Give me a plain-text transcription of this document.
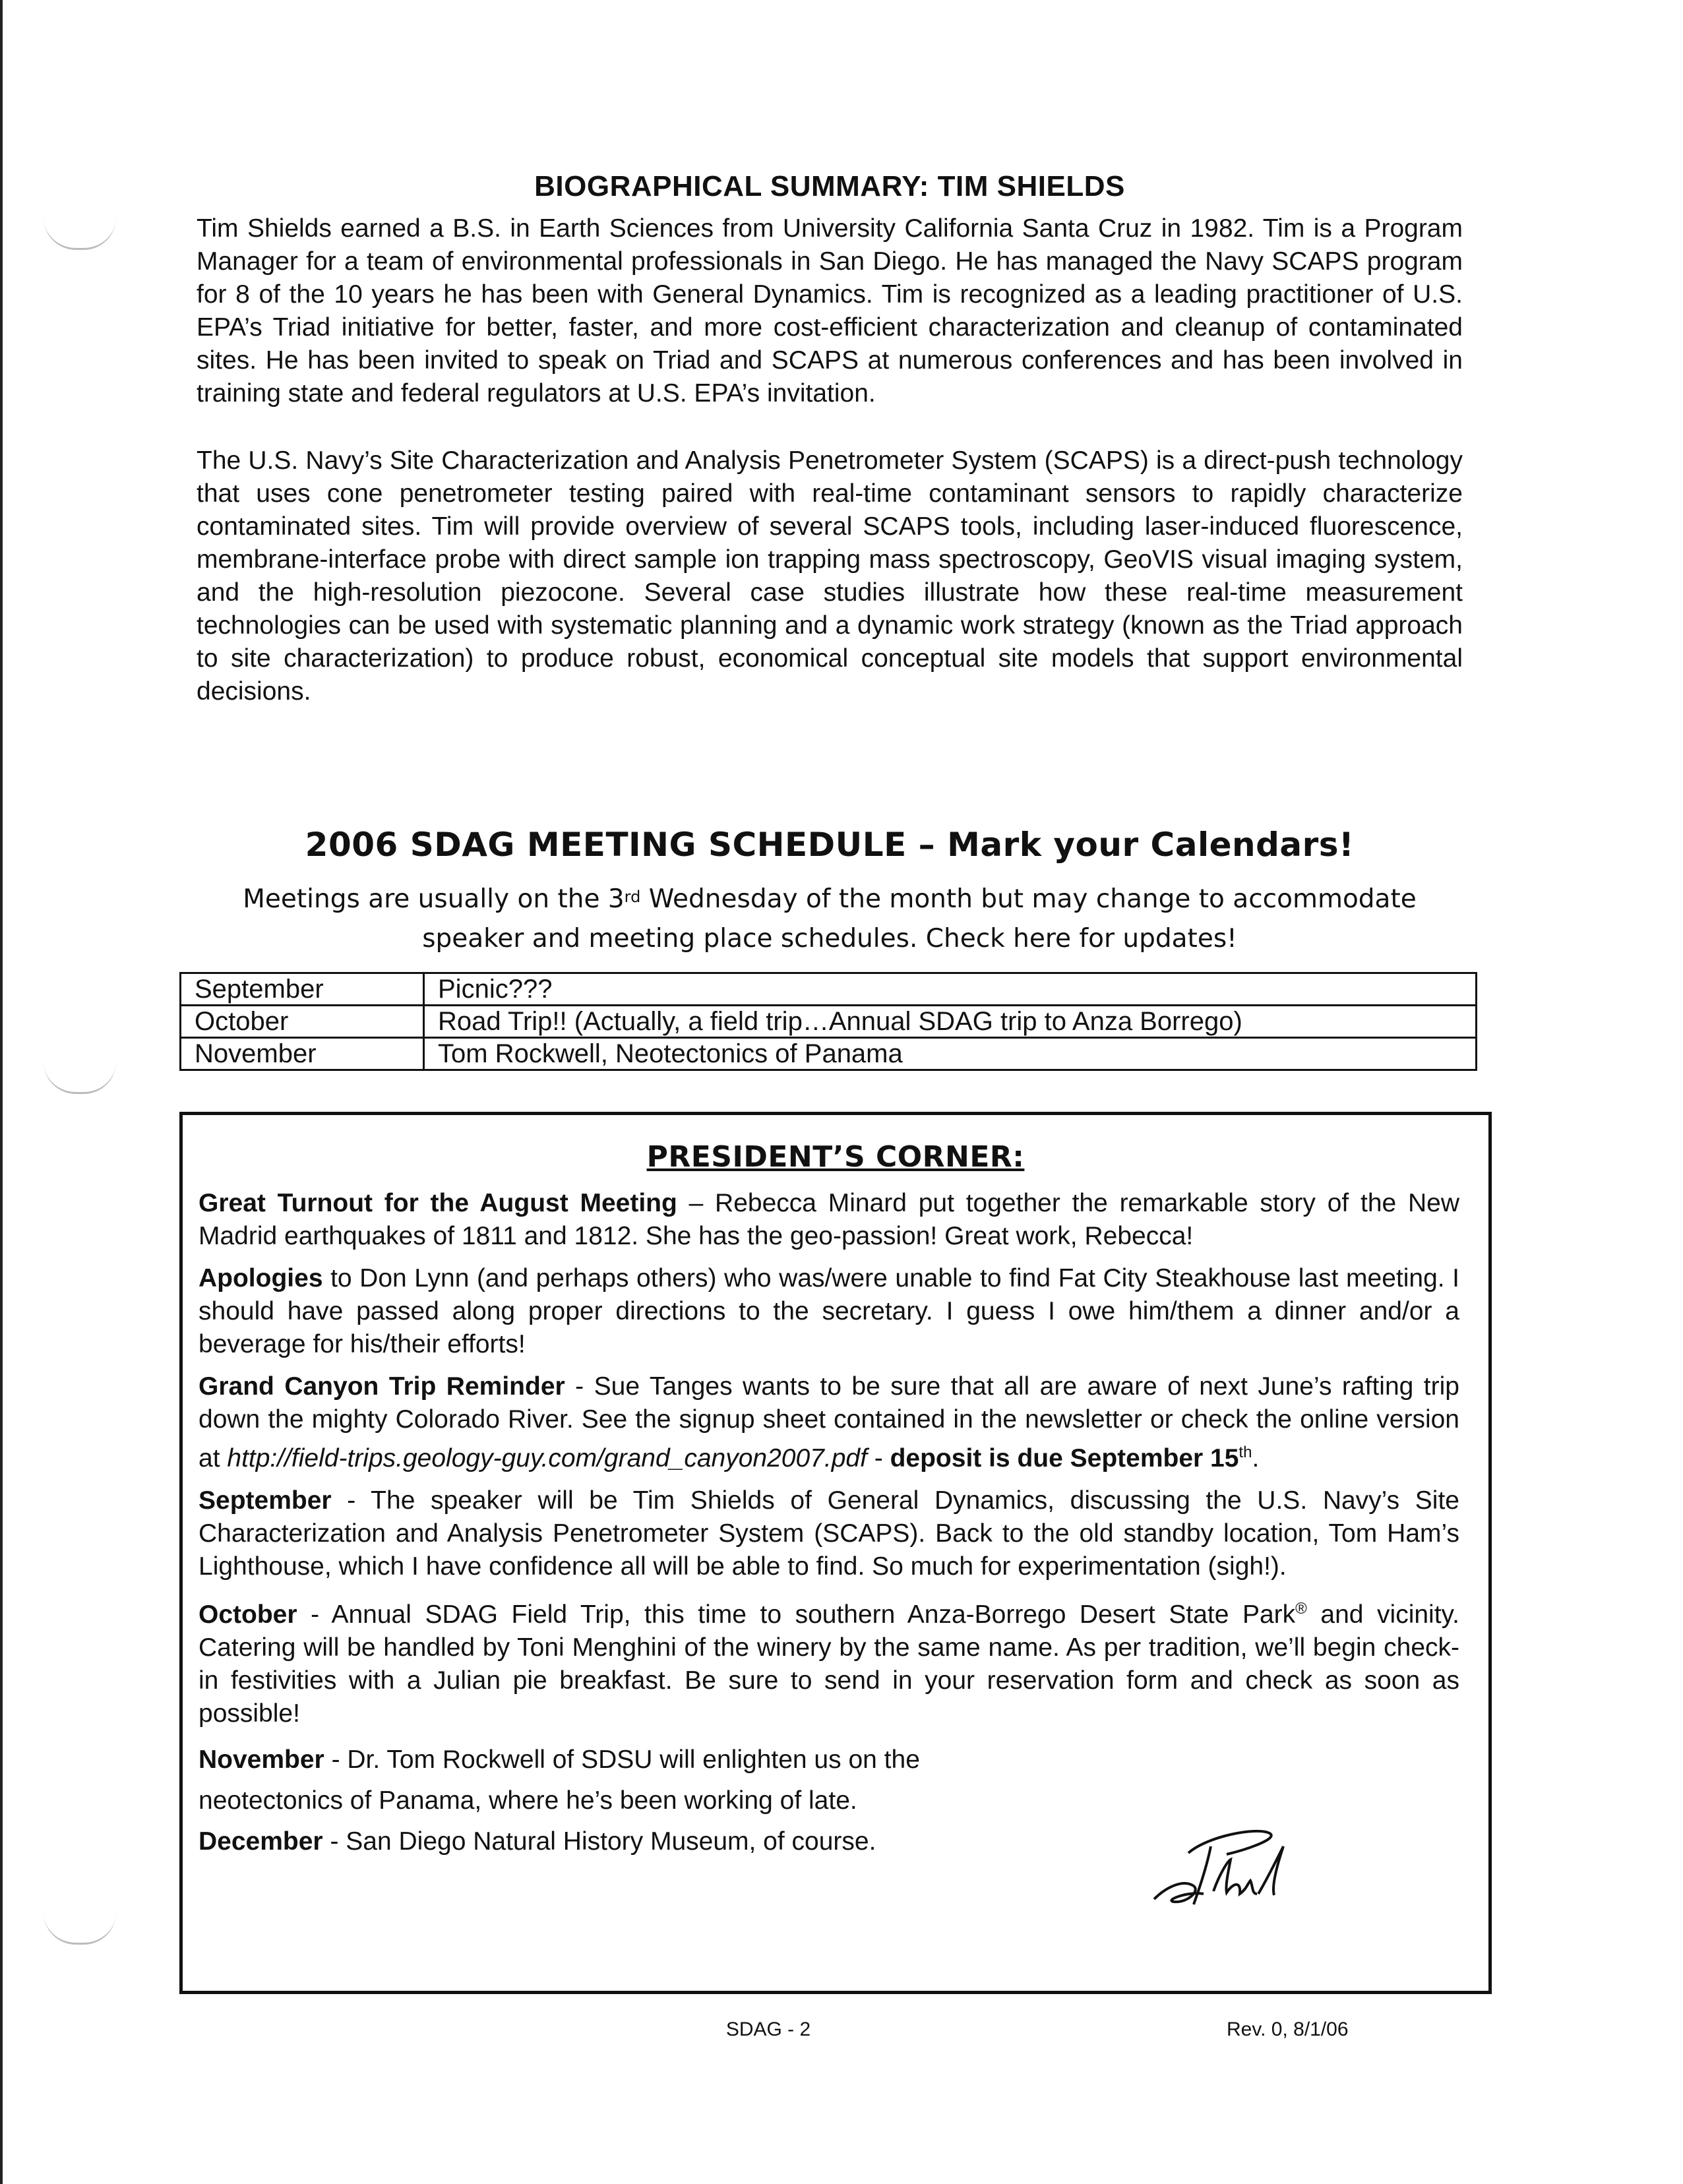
BIOGRAPHICAL SUMMARY: TIM SHIELDS

Tim Shields earned a B.S. in Earth Sciences from University California Santa Cruz in 1982. Tim is a Program Manager for a team of environmental professionals in San Diego. He has managed the Navy SCAPS program for 8 of the 10 years he has been with General Dynamics. Tim is recognized as a leading practitioner of U.S. EPA’s Triad initiative for better, faster, and more cost-efficient characterization and cleanup of contaminated sites. He has been invited to speak on Triad and SCAPS at numerous conferences and has been involved in training state and federal regulators at U.S. EPA’s invitation.

The U.S. Navy’s Site Characterization and Analysis Penetrometer System (SCAPS) is a direct-push technology that uses cone penetrometer testing paired with real-time contaminant sensors to rapidly characterize contaminated sites. Tim will provide overview of several SCAPS tools, including laser-induced fluorescence, membrane-interface probe with direct sample ion trapping mass spectroscopy, GeoVIS visual imaging system, and the high-resolution piezocone. Several case studies illustrate how these real-time measurement technologies can be used with systematic planning and a dynamic work strategy (known as the Triad approach to site characterization) to produce robust, economical conceptual site models that support environmental decisions.

2006 SDAG MEETING SCHEDULE – Mark your Calendars!
Meetings are usually on the 3rd Wednesday of the month but may change to accommodate
speaker and meeting place schedules. Check here for updates!
September	Picnic???
October	Road Trip!! (Actually, a field trip…Annual SDAG trip to Anza Borrego)
November	Tom Rockwell, Neotectonics of Panama
PRESIDENT’S CORNER:

Great Turnout for the August Meeting – Rebecca Minard put together the remarkable story of the New Madrid earthquakes of 1811 and 1812. She has the geo-passion! Great work, Rebecca!

Apologies to Don Lynn (and perhaps others) who was/were unable to find Fat City Steakhouse last meeting. I should have passed along proper directions to the secretary. I guess I owe him/them a dinner and/or a beverage for his/their efforts!

Grand Canyon Trip Reminder - Sue Tanges wants to be sure that all are aware of next June’s rafting trip down the mighty Colorado River. See the signup sheet contained in the newsletter or check the online version at http://field-trips.geology-guy.com/grand_canyon2007.pdf - deposit is due September 15th.

September - The speaker will be Tim Shields of General Dynamics, discussing the U.S. Navy’s Site Characterization and Analysis Penetrometer System (SCAPS). Back to the old standby location, Tom Ham’s Lighthouse, which I have confidence all will be able to find. So much for experimentation (sigh!).

October - Annual SDAG Field Trip, this time to southern Anza-Borrego Desert State Park® and vicinity. Catering will be handled by Toni Menghini of the winery by the same name. As per tradition, we’ll begin check-in festivities with a Julian pie breakfast. Be sure to send in your reservation form and check as soon as possible!

November - Dr. Tom Rockwell of SDSU will enlighten us on the neotectonics of Panama, where he’s been working of late.

December - San Diego Natural History Museum, of course.

SDAG - 2	Rev. 0, 8/1/06
